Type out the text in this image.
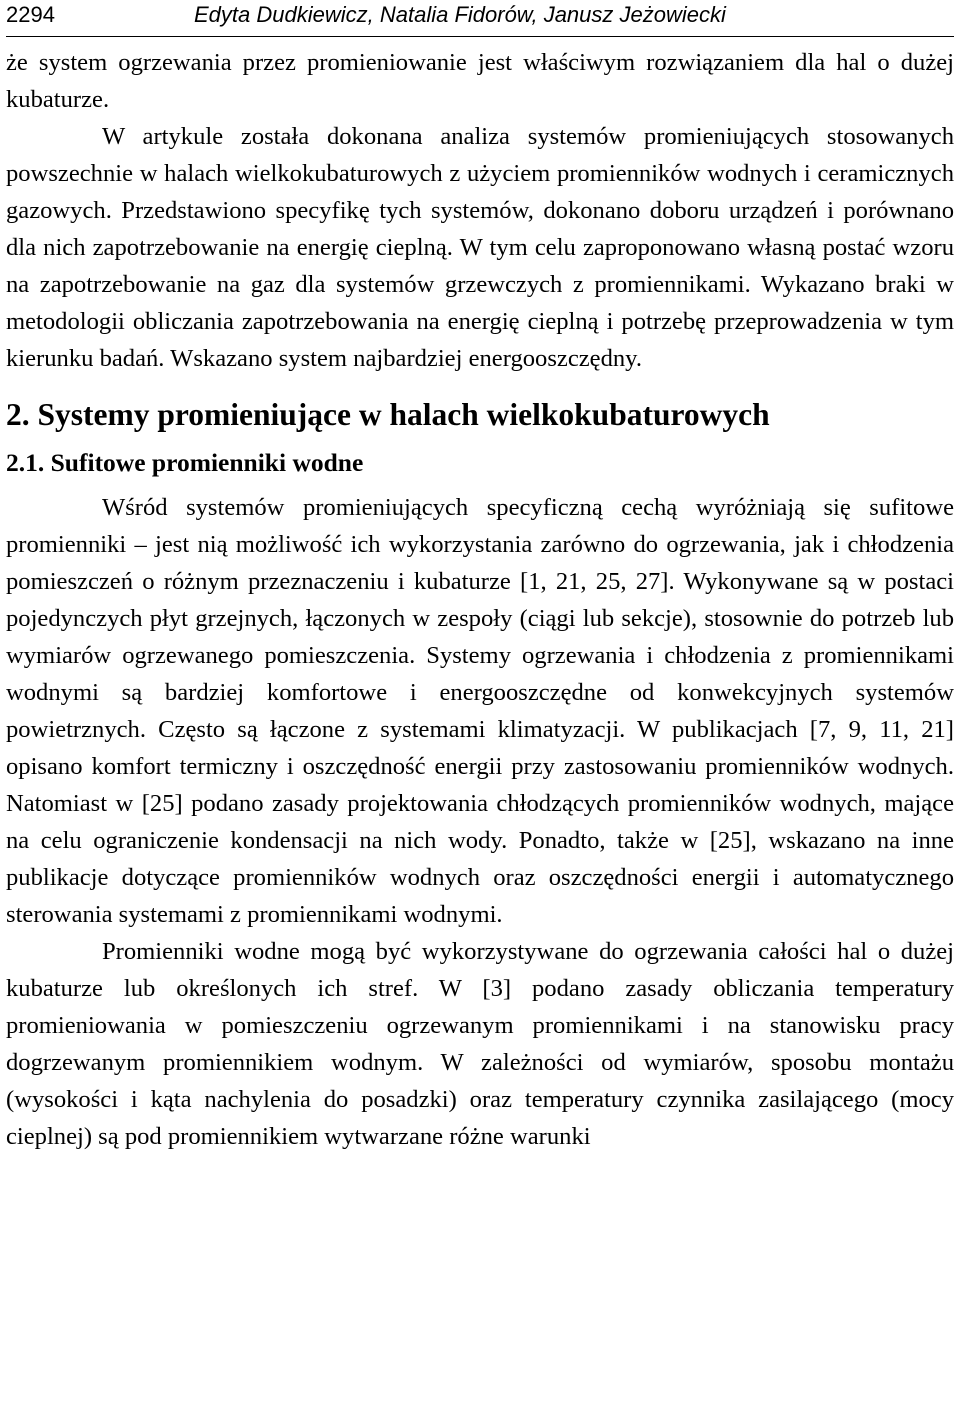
2294	Edyta Dudkiewicz, Natalia Fidorów, Janusz Jeżowiecki

że system ogrzewania przez promieniowanie jest właściwym rozwiązaniem dla hal o dużej kubaturze.

W artykule została dokonana analiza systemów promieniujących stosowanych powszechnie w halach wielkokubaturowych z użyciem promienników wodnych i ceramicznych gazowych. Przedstawiono specyfikę tych systemów, dokonano doboru urządzeń i porównano dla nich zapotrzebowanie na energię cieplną. W tym celu zaproponowano własną postać wzoru na zapotrzebowanie na gaz dla systemów grzewczych z promiennikami. Wykazano braki w metodologii obliczania zapotrzebowania na energię cieplną i potrzebę przeprowadzenia w tym kierunku badań. Wskazano system najbardziej energooszczędny.

2. Systemy promieniujące w halach wielkokubaturowych
2.1. Sufitowe promienniki wodne

Wśród systemów promieniujących specyficzną cechą wyróżniają się sufitowe promienniki – jest nią możliwość ich wykorzystania zarówno do ogrzewania, jak i chłodzenia pomieszczeń o różnym przeznaczeniu i kubaturze [1, 21, 25, 27]. Wykonywane są w postaci pojedynczych płyt grzejnych, łączonych w zespoły (ciągi lub sekcje), stosownie do potrzeb lub wymiarów ogrzewanego pomieszczenia. Systemy ogrzewania i chłodzenia z promiennikami wodnymi są bardziej komfortowe i energooszczędne od konwekcyjnych systemów powietrznych. Często są łączone z systemami klimatyzacji. W publikacjach [7, 9, 11, 21] opisano komfort termiczny i oszczędność energii przy zastosowaniu promienników wodnych. Natomiast w [25] podano zasady projektowania chłodzących promienników wodnych, mające na celu ograniczenie kondensacji na nich wody. Ponadto, także w [25], wskazano na inne publikacje dotyczące promienników wodnych oraz oszczędności energii i automatycznego sterowania systemami z promiennikami wodnymi.

Promienniki wodne mogą być wykorzystywane do ogrzewania całości hal o dużej kubaturze lub określonych ich stref. W [3] podano zasady obliczania temperatury promieniowania w pomieszczeniu ogrzewanym promiennikami i na stanowisku pracy dogrzewanym promiennikiem wodnym. W zależności od wymiarów, sposobu montażu (wysokości i kąta nachylenia do posadzki) oraz temperatury czynnika zasilającego (mocy cieplnej) są pod promiennikiem wytwarzane różne warunki
